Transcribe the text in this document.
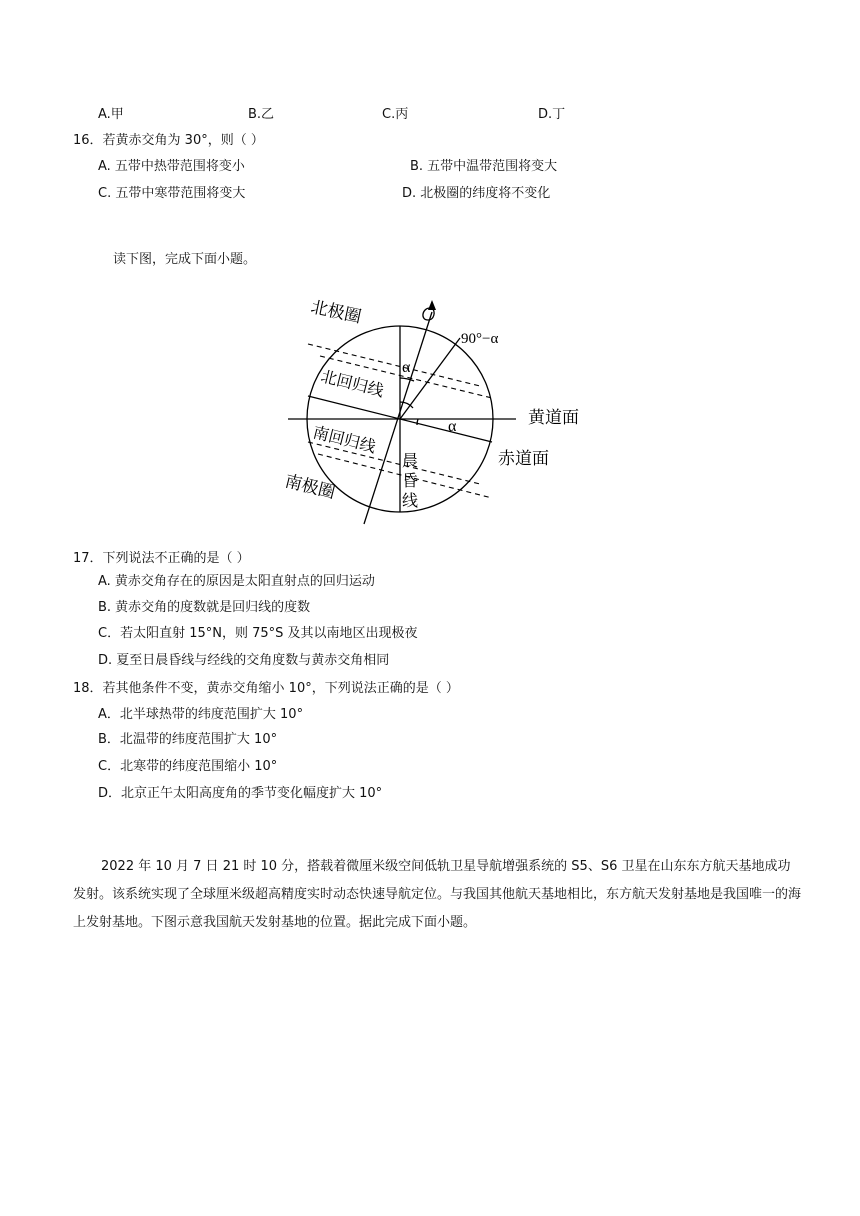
A.甲	B.乙	C.丙	D.丁
16．若黄赤交角为 30°，则（ ）
A. 五带中热带范围将变小	B. 五带中温带范围将变大
C. 五带中寒带范围将变大	D. 北极圈的纬度将不变化
读下图，完成下面小题。
北极圈
北回归线
南回归线
南极圈
黄道面
赤道面
90°−α
α
α
晨
昏
线
17．下列说法不正确的是（ ）
A. 黄赤交角存在的原因是太阳直射点的回归运动
B. 黄赤交角的度数就是回归线的度数
C．若太阳直射 15°N，则 75°S 及其以南地区出现极夜
D. 夏至日晨昏线与经线的交角度数与黄赤交角相同
18．若其他条件不变，黄赤交角缩小 10°，下列说法正确的是（ ）
A．北半球热带的纬度范围扩大 10°
B．北温带的纬度范围扩大 10°
C．北寒带的纬度范围缩小 10°
D．北京正午太阳高度角的季节变化幅度扩大 10°

2022 年 10 月 7 日 21 时 10 分，搭载着微厘米级空间低轨卫星导航增强系统的 S5、S6 卫星在山东东方航天基地成功发射。该系统实现了全球厘米级超高精度实时动态快速导航定位。与我国其他航天基地相比，东方航天发射基地是我国唯一的海上发射基地。下图示意我国航天发射基地的位置。据此完成下面小题。
